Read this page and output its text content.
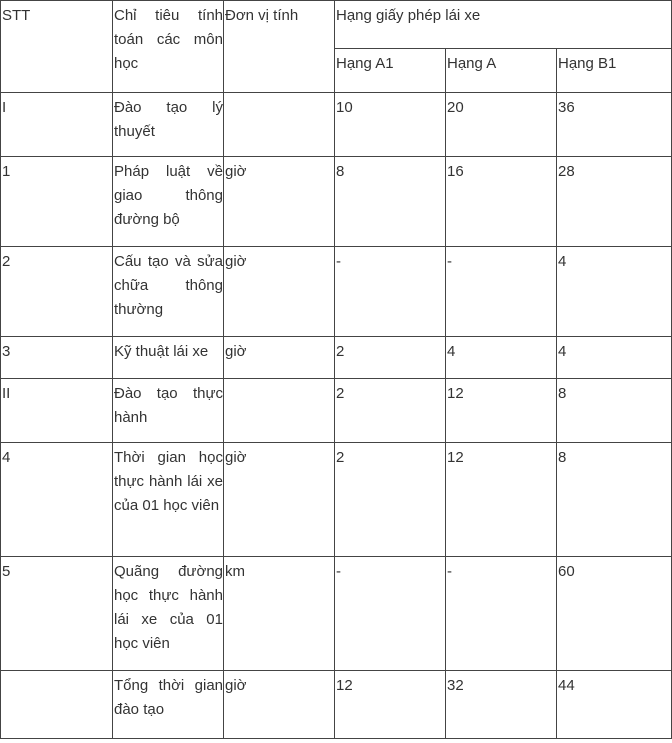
STT	Chỉ tiêu tính toán các môn học	Đơn vị tính	Hạng giấy phép lái xe		
			Hạng A1	Hạng A	Hạng B1
I	Đào tạo lý thuyết		10	20	36
1	Pháp luật về giao thông đường bộ	giờ	8	16	28
2	Cấu tạo và sửa chữa thông thường	giờ	-	-	4
3	Kỹ thuật lái xe	giờ	2	4	4
II	Đào tạo thực hành		2	12	8
4	Thời gian học thực hành lái xe của 01 học viên	giờ	2	12	8
5	Quãng đường học thực hành lái xe của 01 học viên	km	-	-	60
	Tổng thời gian đào tạo	giờ	12	32	44
